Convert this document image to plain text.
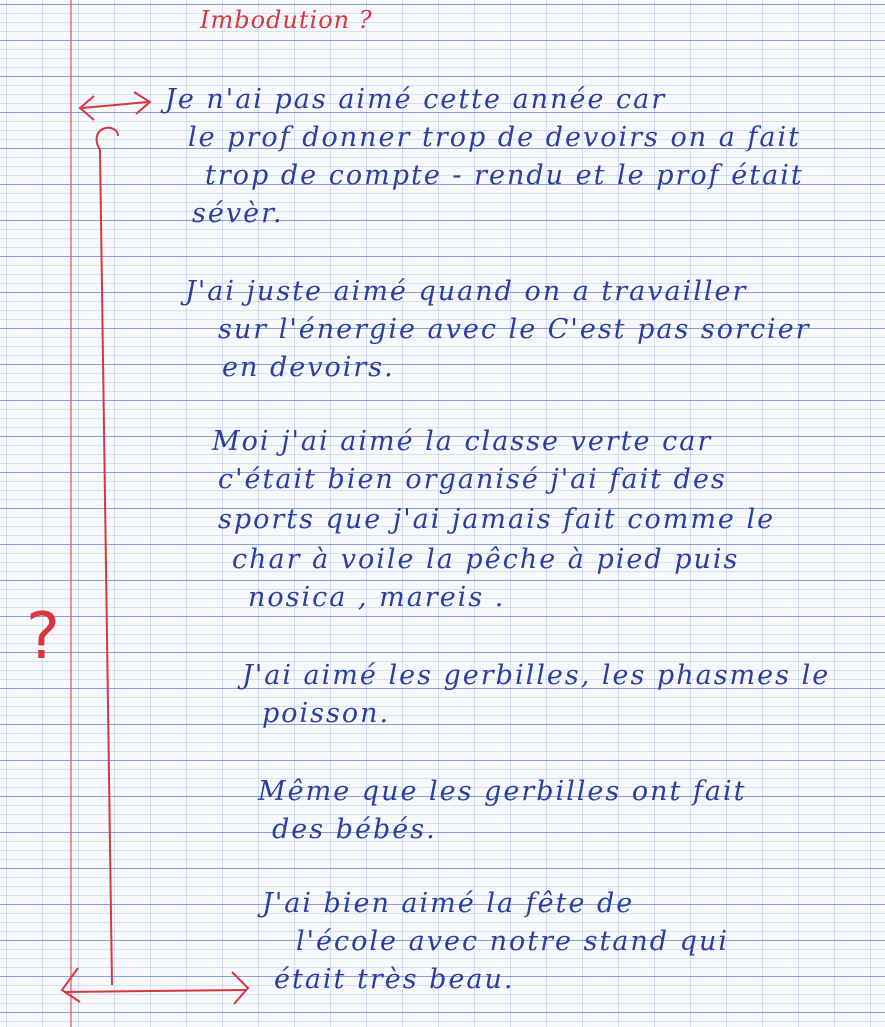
Imbodution ?
?
Je n'ai pas aimé cette année car
le prof donner trop de devoirs on a fait
trop de compte - rendu et le prof était
sévèr.
J'ai juste aimé quand on a travailler
sur l'énergie avec le C'est pas sorcier
en devoirs.
Moi j'ai aimé la classe verte car
c'était bien organisé j'ai fait des
sports que j'ai jamais fait comme le
char à voile la pêche à pied puis
nosica , mareis .
J'ai aimé les gerbilles, les phasmes le
poisson.
Même que les gerbilles ont fait
des bébés.
J'ai bien aimé la fête de
l'école avec notre stand qui
était très beau.
